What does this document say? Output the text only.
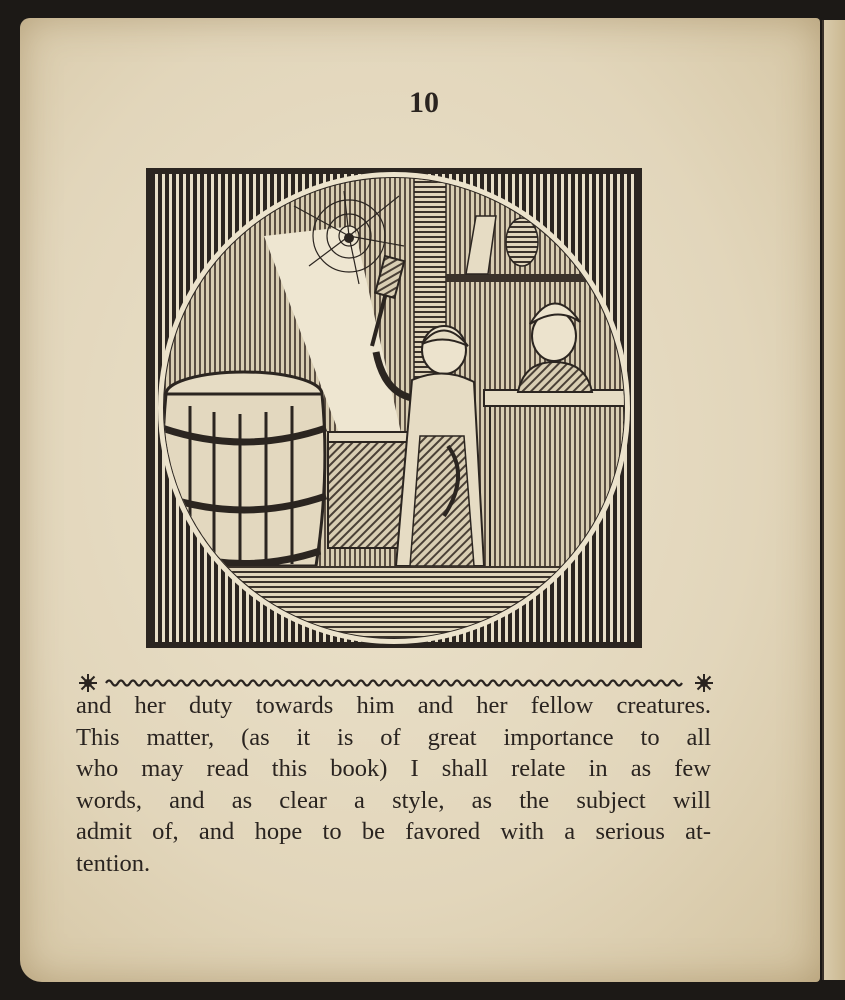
10

and her duty towards him and her fellow creatures.
This matter, (as it is of great importance to all
who may read this book) I shall relate in as few
words, and as clear a style, as the subject will
admit of, and hope to be favored with a serious at-
tention.
